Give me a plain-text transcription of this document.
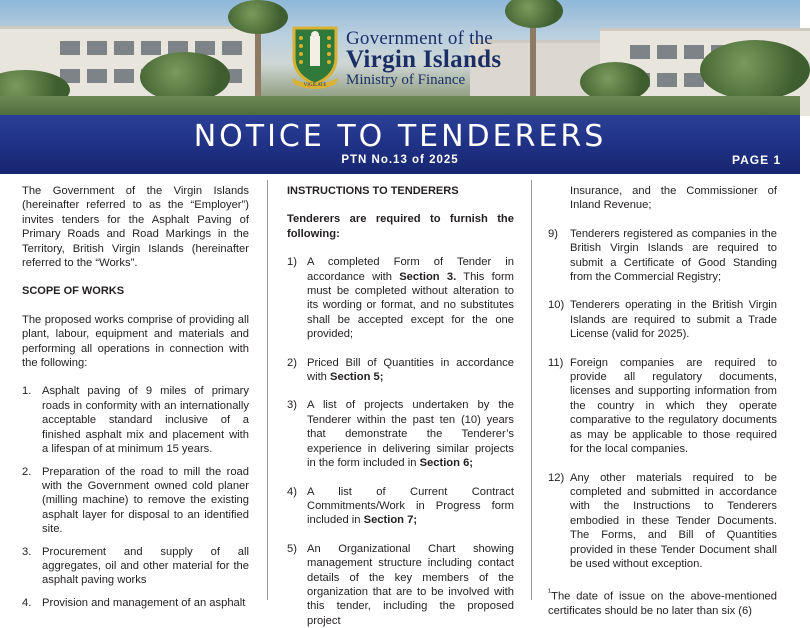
VIGILATE
Government of the
Virgin Islands
Ministry of Finance
NOTICE TO TENDERERS
PTN No.13 of 2025	PAGE 1
The Government of the Virgin Islands (hereinafter referred to as the “Employer”) invites tenders for the Asphalt Paving of Primary Roads and Road Markings in the Territory, British Virgin Islands (hereinafter referred to the “Works”.
SCOPE OF WORKS
The proposed works comprise of providing all plant, labour, equipment and materials and performing all operations in connection with the following:
1. Asphalt paving of 9 miles of primary roads in conformity with an internationally acceptable standard inclusive of a finished asphalt mix and placement with a lifespan of at minimum 15 years.
2. Preparation of the road to mill the road with the Government owned cold planer (milling machine) to remove the existing asphalt layer for disposal to an identified site.
3. Procurement and supply of all aggregates, oil and other material for the asphalt paving works
4. Provision and management of an asphalt
INSTRUCTIONS TO TENDERERS
Tenderers are required to furnish the following:
1) A completed Form of Tender in accordance with Section 3. This form must be completed without alteration to its wording or format, and no substitutes shall be accepted except for the one provided;
2) Priced Bill of Quantities in accordance with Section 5;
3) A list of projects undertaken by the Tenderer within the past ten (10) years that demonstrate the Tenderer’s experience in delivering similar projects in the form included in Section 6;
4) A list of Current Contract Commitments/Work in Progress form included in Section 7;
5) An Organizational Chart showing management structure including contact details of the key members of the organization that are to be involved with this tender, including the proposed project
Insurance, and the Commissioner of Inland Revenue;
9)	Tenderers registered as companies in the British Virgin Islands are required to submit a Certificate of Good Standing from the Commercial Registry;
10) Tenderers operating in the British Virgin Islands are required to submit a Trade License (valid for 2025).
11) Foreign companies are required to provide all regulatory documents, licenses and supporting information from the country in which they operate comparative to the regulatory documents as may be applicable to those required for the local companies.
12) Any other materials required to be completed and submitted in accordance with the Instructions to Tenderers embodied in these Tender Documents. The Forms, and Bill of Quantities provided in these Tender Document shall be used without exception.
$^{^1}$The date of issue on the above-mentioned certificates should be no later than six (6)
